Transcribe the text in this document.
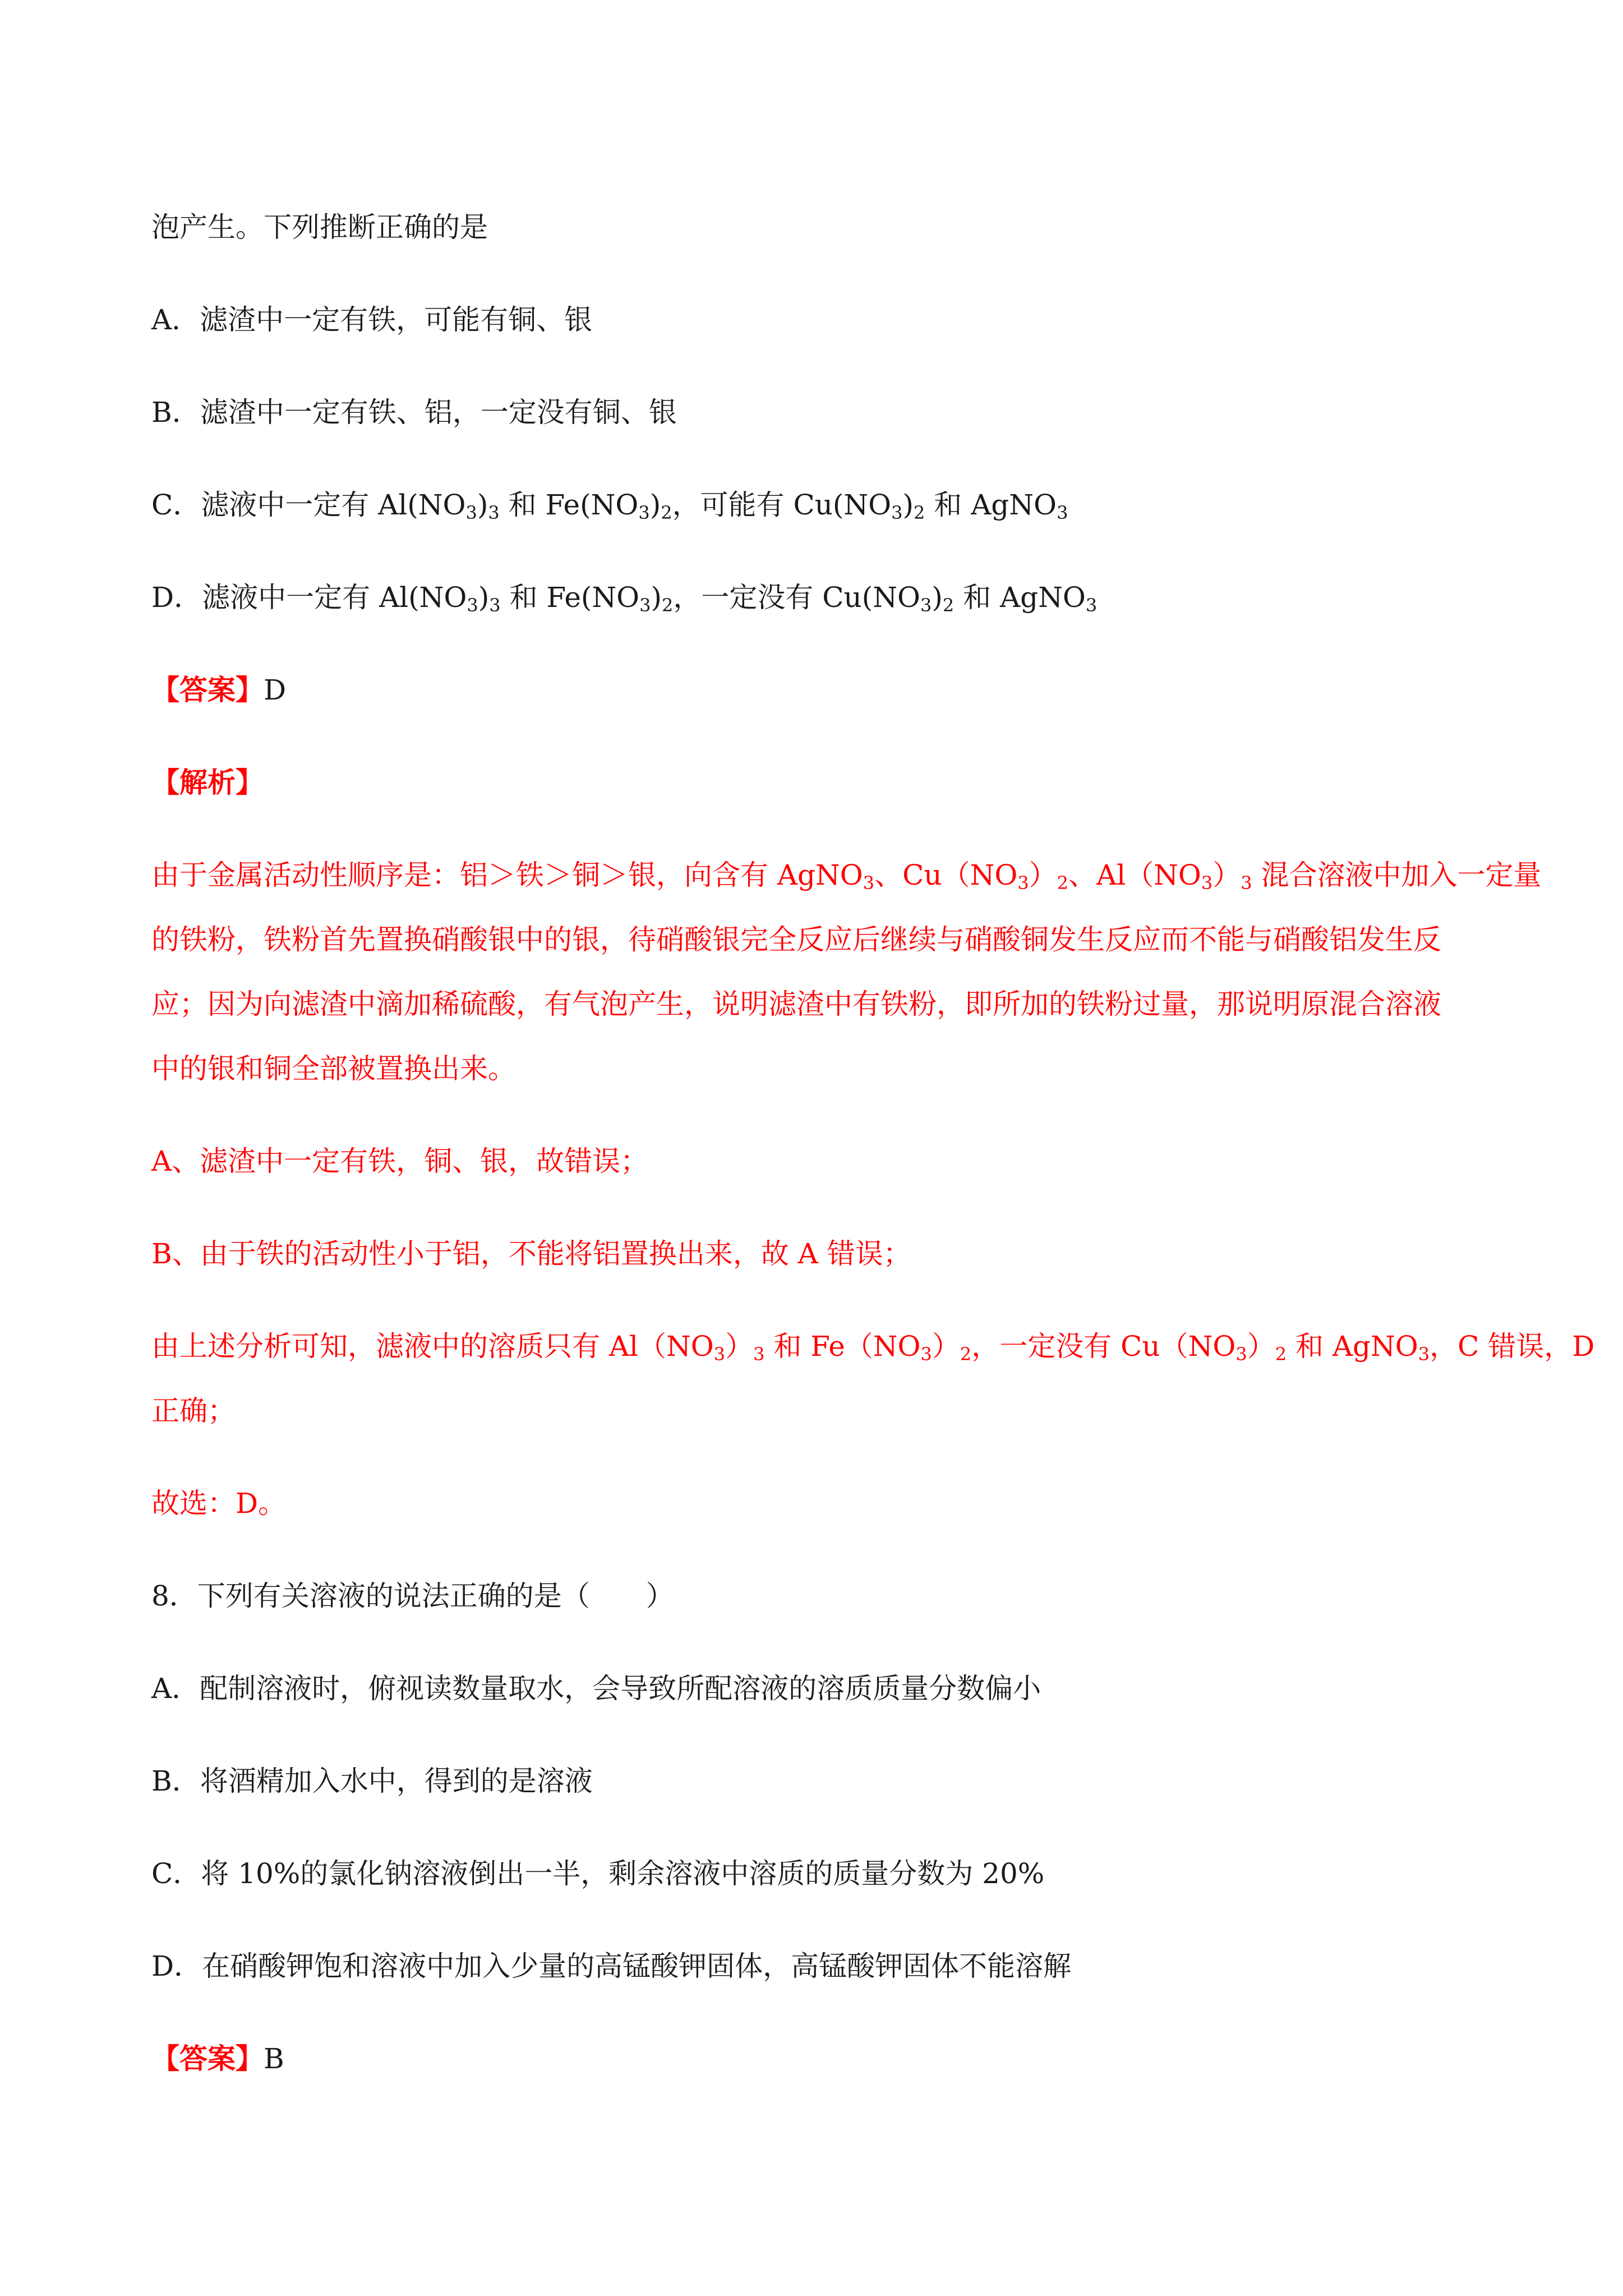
泡产生。下列推断正确的是
A．滤渣中一定有铁，可能有铜、银
B．滤渣中一定有铁、铝，一定没有铜、银
C．滤液中一定有 $Al(NO_3)_3$ 和 $Fe(NO_3)_2$，可能有 $Cu(NO_3)_2$ 和 AgNO$_3$
D．滤液中一定有 $Al(NO_3)_3$ 和 $Fe(NO_3)_2$，一定没有 $Cu(NO_3)_2$ 和 AgNO$_3$
【答案】D
【解析】
由于金属活动性顺序是：铝＞铁＞铜＞银，向含有 AgNO$_3$、$Cu(NO_3)_2$、$Al(NO_3)_3$ 混合溶液中加入一定量
的铁粉，铁粉首先置换硝酸银中的银，待硝酸银完全反应后继续与硝酸铜发生反应而不能与硝酸铝发生反
应；因为向滤渣中滴加稀硫酸，有气泡产生，说明滤渣中有铁粉，即所加的铁粉过量，那说明原混合溶液
中的银和铜全部被置换出来。
A、滤渣中一定有铁，铜、银，故错误；
B、由于铁的活动性小于铝，不能将铝置换出来，故 A 错误；
由上述分析可知，滤液中的溶质只有 $Al(NO_3)_3$ 和 $Fe(NO_3)_2$，一定没有 $Cu(NO_3)_2$ 和 AgNO$_3$，C 错误，D
正确；
故选：D。
8．下列有关溶液的说法正确的是（　　）
A．配制溶液时，俯视读数量取水，会导致所配溶液的溶质质量分数偏小
B．将酒精加入水中，得到的是溶液
C．将 10%的氯化钠溶液倒出一半，剩余溶液中溶质的质量分数为 20%
D．在硝酸钾饱和溶液中加入少量的高锰酸钾固体，高锰酸钾固体不能溶解
【答案】B
